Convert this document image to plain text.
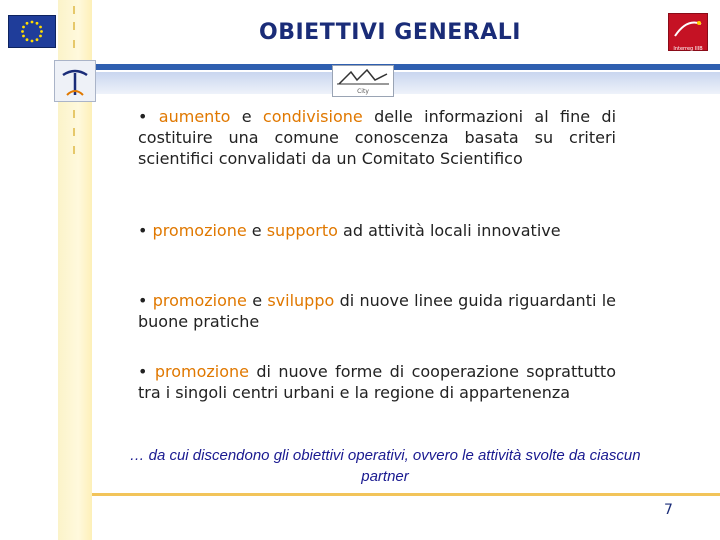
OBIETTIVI GENERALI
Interreg IIIB
City
• aumento e condivisione delle informazioni al fine di costituire una comune conoscenza basata su criteri scientifici convalidati da un Comitato Scientifico
• promozione e supporto ad attività locali innovative
• promozione e sviluppo di nuove linee guida riguardanti le buone pratiche
• promozione di nuove forme di cooperazione soprattutto tra i singoli centri urbani e la regione di appartenenza
… da cui discendono gli obiettivi operativi, ovvero le attività svolte da ciascun partner
7
